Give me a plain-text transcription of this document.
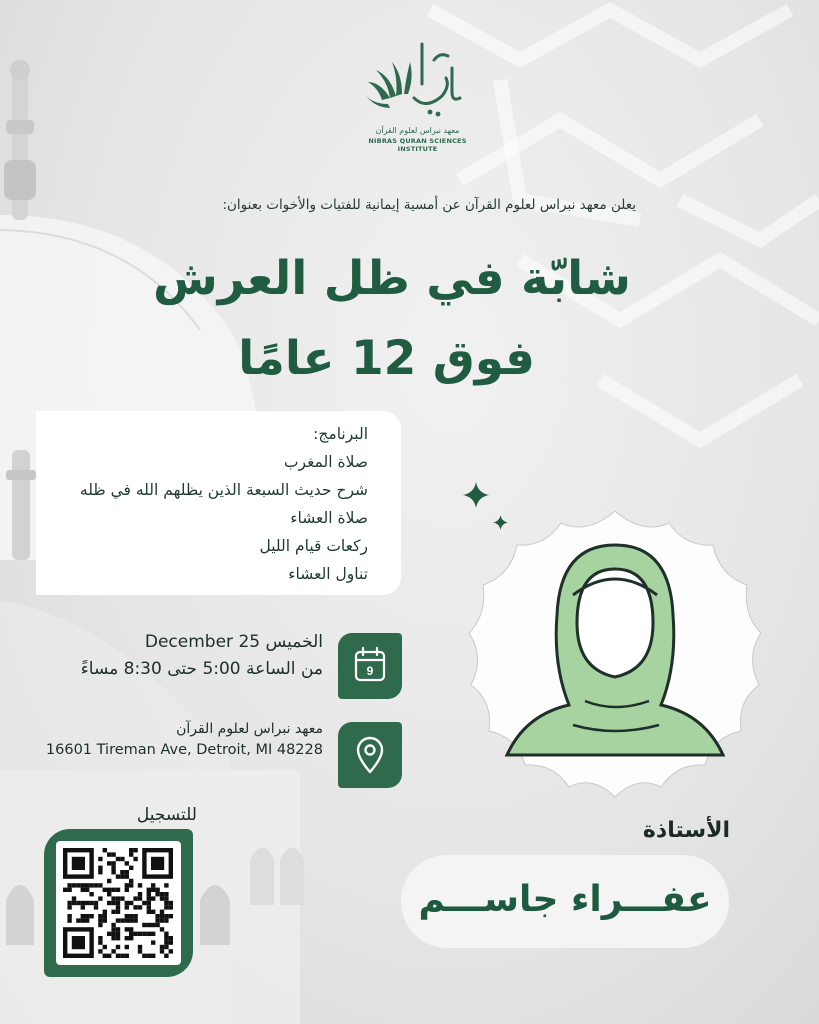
معهد نبراس لعلوم القرآن
NIBRAS QURAN SCIENCES INSTITUTE
يعلن معهد نبراس لعلوم القرآن عن أمسية إيمانية للفتيات والأخوات بعنوان:
شابّة في ظل العرش
فوق 12 عامًا
البرنامج:
صلاة المغرب
شرح حديث السبعة الذين يظلهم الله في ظله
صلاة العشاء
ركعات قيام الليل
تناول العشاء
الخميس 25 December
من الساعة 5:00 حتى 8:30 مساءً	9
معهد نبراس لعلوم القرآن
16601 Tireman Ave, Detroit, MI 48228
الأستاذة
عفـــراء جاســـم
للتسجيل
